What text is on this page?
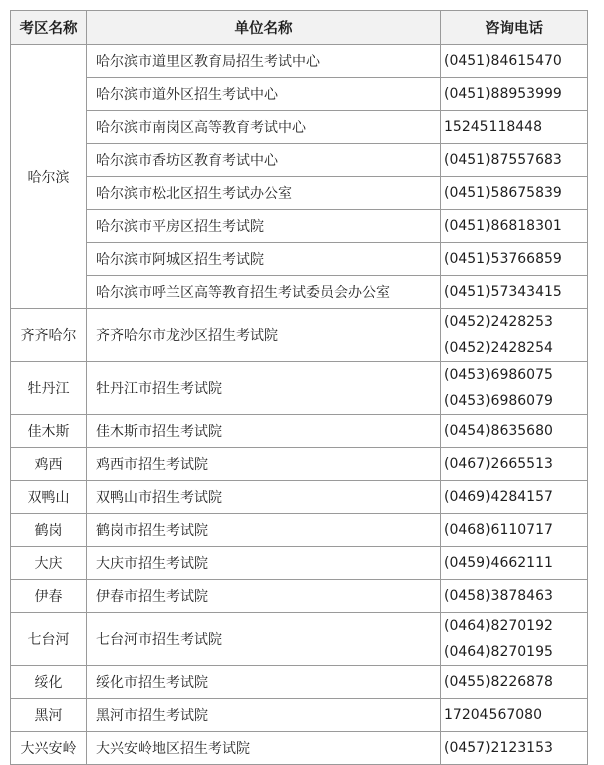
考区名称	单位名称	咨询电话
哈尔滨	哈尔滨市道里区教育局招生考试中心	(0451)84615470

	哈尔滨市道外区招生考试中心	(0451)88953999

	哈尔滨市南岗区高等教育考试中心	15245118448

	哈尔滨市香坊区教育考试中心	(0451)87557683

	哈尔滨市松北区招生考试办公室	(0451)58675839

	哈尔滨市平房区招生考试院	(0451)86818301

	哈尔滨市阿城区招生考试院	(0451)53766859

	哈尔滨市呼兰区高等教育招生考试委员会办公室	(0451)57343415

齐齐哈尔	齐齐哈尔市龙沙区招生考试院	(0452)2428253
(0452)2428254

牡丹江	牡丹江市招生考试院	(0453)6986075
(0453)6986079

佳木斯	佳木斯市招生考试院	(0454)8635680

鸡西	鸡西市招生考试院	(0467)2665513

双鸭山	双鸭山市招生考试院	(0469)4284157

鹤岗	鹤岗市招生考试院	(0468)6110717

大庆	大庆市招生考试院	(0459)4662111

伊春	伊春市招生考试院	(0458)3878463

七台河	七台河市招生考试院	(0464)8270192
(0464)8270195

绥化	绥化市招生考试院	(0455)8226878

黑河	黑河市招生考试院	17204567080

大兴安岭	大兴安岭地区招生考试院	(0457)2123153
